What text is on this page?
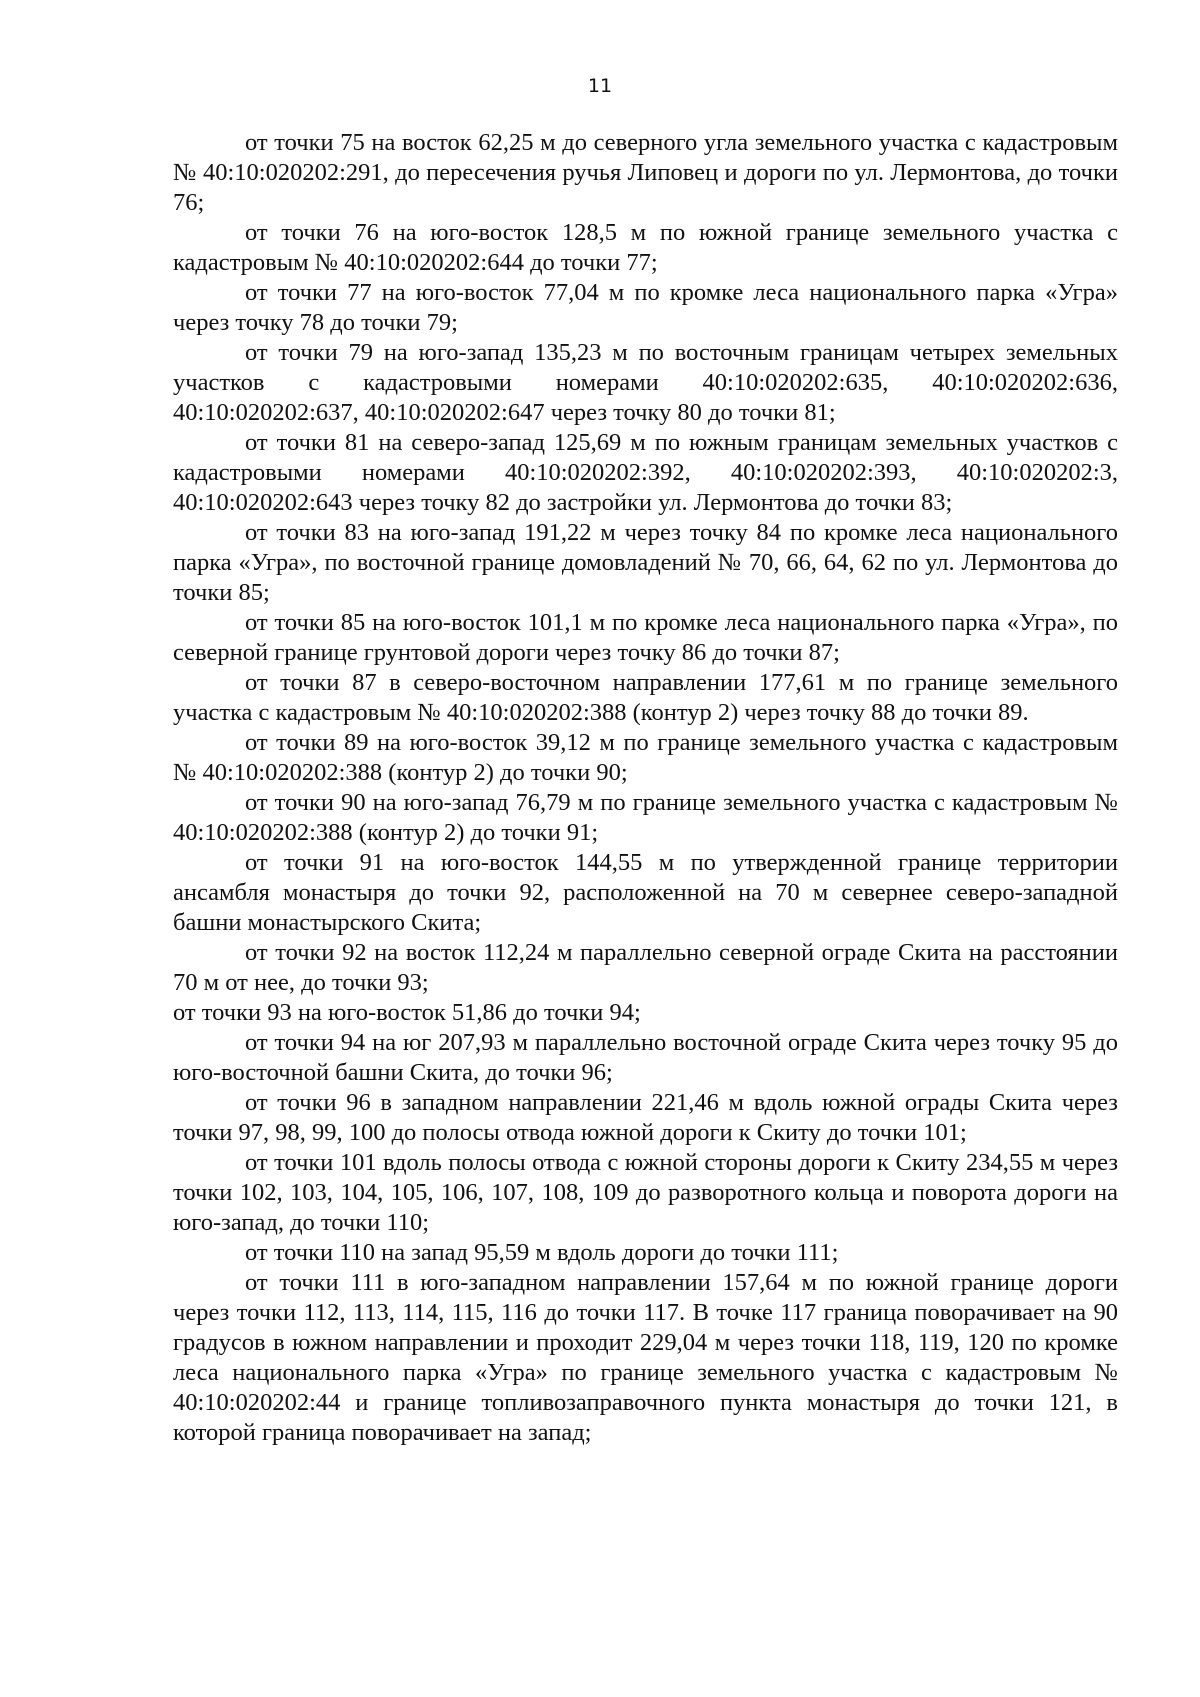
11

от точки 75 на восток 62,25 м до северного угла земельного участка с кадастровым № 40:10:020202:291, до пересечения ручья Липовец и дороги по ул. Лермонтова, до точки 76;

от точки 76 на юго-восток 128,5 м по южной границе земельного участка с кадастровым № 40:10:020202:644 до точки 77;

от точки 77 на юго-восток 77,04 м по кромке леса национального парка «Угра» через точку 78 до точки 79;

от точки 79 на юго-запад 135,23 м по восточным границам четырех земельных участков с кадастровыми номерами 40:10:020202:635, 40:10:020202:636, 40:10:020202:637, 40:10:020202:647 через точку 80 до точки 81;

от точки 81 на северо-запад 125,69 м по южным границам земельных участков с кадастровыми номерами 40:10:020202:392, 40:10:020202:393, 40:10:020202:3, 40:10:020202:643 через точку 82 до застройки ул. Лермонтова до точки 83;

от точки 83 на юго-запад 191,22 м через точку 84 по кромке леса национального парка «Угра», по восточной границе домовладений № 70, 66, 64, 62 по ул. Лермонтова до точки 85;

от точки 85 на юго-восток 101,1 м по кромке леса национального парка «Угра», по северной границе грунтовой дороги через точку 86 до точки 87;

от точки 87 в северо-восточном направлении 177,61 м по границе земельного участка с кадастровым № 40:10:020202:388 (контур 2) через точку 88 до точки 89.

от точки 89 на юго-восток 39,12 м по границе земельного участка с кадастровым № 40:10:020202:388 (контур 2) до точки 90;

от точки 90 на юго-запад 76,79 м по границе земельного участка с кадастровым № 40:10:020202:388 (контур 2) до точки 91;

от точки 91 на юго-восток 144,55 м по утвержденной границе территории ансамбля монастыря до точки 92, расположенной на 70 м севернее северо-западной башни монастырского Скита;

от точки 92 на восток 112,24 м параллельно северной ограде Скита на расстоянии 70 м от нее, до точки 93;

от точки 93 на юго-восток 51,86 до точки 94;

от точки 94 на юг 207,93 м параллельно восточной ограде Скита через точку 95 до юго-восточной башни Скита, до точки 96;

от точки 96 в западном направлении 221,46 м вдоль южной ограды Скита через точки 97, 98, 99, 100 до полосы отвода южной дороги к Скиту до точки 101;

от точки 101 вдоль полосы отвода с южной стороны дороги к Скиту 234,55 м через точки 102, 103, 104, 105, 106, 107, 108, 109 до разворотного кольца и поворота дороги на юго-запад, до точки 110;

от точки 110 на запад 95,59 м вдоль дороги до точки 111;

от точки 111 в юго-западном направлении 157,64 м по южной границе дороги через точки 112, 113, 114, 115, 116 до точки 117. В точке 117 граница поворачивает на 90 градусов в южном направлении и проходит 229,04 м через точки 118, 119, 120 по кромке леса национального парка «Угра» по границе земельного участка с кадастровым № 40:10:020202:44 и границе топливозаправочного пункта монастыря до точки 121, в которой граница поворачивает на запад;
